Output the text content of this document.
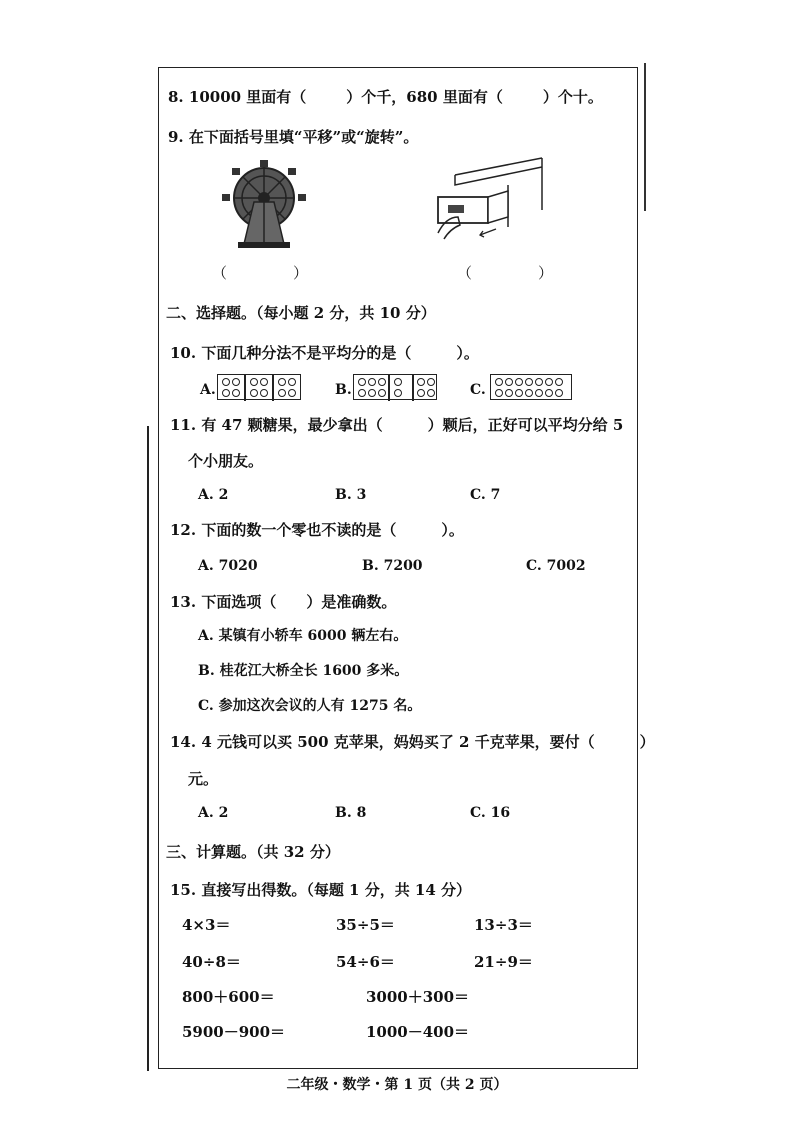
8. 10000 里面有（	）个千，680 里面有（	）个十。
9. 在下面括号里填“平移”或“旋转”。
（	）	（	）
二、选择题。（每小题 2 分，共 10 分）
10. 下面几种分法不是平均分的是（　　　）。
A.	B.	C.
11. 有 47 颗糖果，最少拿出（　　　）颗后，正好可以平均分给 5
个小朋友。
A. 2	B. 3	C. 7
12. 下面的数一个零也不读的是（　　　）。
A. 7020	B. 7200	C. 7002
13. 下面选项（　　）是准确数。
A. 某镇有小轿车 6000 辆左右。
B. 桂花江大桥全长 1600 多米。
C. 参加这次会议的人有 1275 名。
14. 4 元钱可以买 500 克苹果，妈妈买了 2 千克苹果，要付（　　　）
元。
A. 2	B. 8	C. 16
三、计算题。（共 32 分）
15. 直接写出得数。（每题 1 分，共 14 分）
4×3＝	35÷5＝	13÷3＝
40÷8＝	54÷6＝	21÷9＝
800＋600＝	3000＋300＝
5900－900＝	1000－400＝
二年级・数学・第 1 页（共 2 页）
